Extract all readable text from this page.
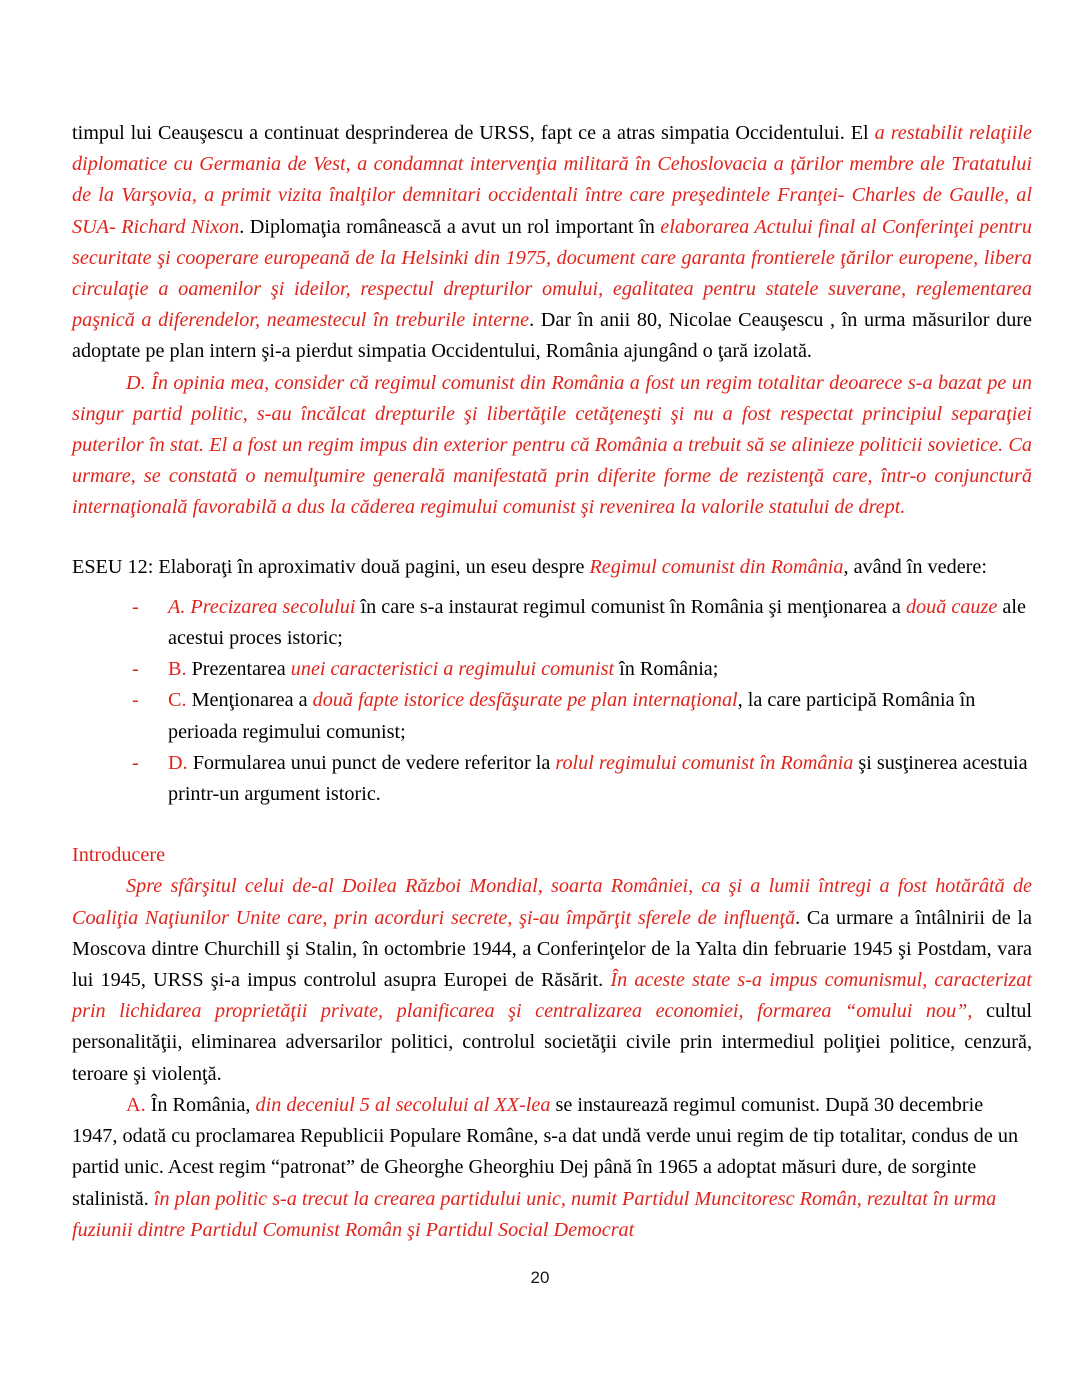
timpul lui Ceauşescu a continuat desprinderea de URSS, fapt ce a atras simpatia Occidentului. El a restabilit relaţiile diplomatice cu Germania de Vest, a condamnat intervenţia militară în Cehoslovacia a ţărilor membre ale Tratatului de la Varşovia, a primit vizita înalţilor demnitari occidentali între care preşedintele Franţei- Charles de Gaulle, al SUA- Richard Nixon. Diplomaţia românească a avut un rol important în elaborarea Actului final al Conferinţei pentru securitate şi cooperare europeană de la Helsinki din 1975, document care garanta frontierele ţărilor europene, libera circulaţie a oamenilor şi ideilor, respectul drepturilor omului, egalitatea pentru statele suverane, reglementarea paşnică a diferendelor, neamestecul în treburile interne. Dar în anii 80, Nicolae Ceauşescu , în urma măsurilor dure adoptate pe plan intern şi-a pierdut simpatia Occidentului, România ajungând o ţară izolată.

D. În opinia mea, consider că regimul comunist din România a fost un regim totalitar deoarece s-a bazat pe un singur partid politic, s-au încălcat drepturile şi libertăţile cetăţeneşti şi nu a fost respectat principiul separaţiei puterilor în stat. El a fost un regim impus din exterior pentru că România a trebuit să se alinieze politicii sovietice. Ca urmare, se constată o nemulţumire generală manifestată prin diferite forme de rezistenţă care, într-o conjunctură internaţională favorabilă a dus la căderea regimului comunist şi revenirea la valorile statului de drept.

ESEU 12: Elaboraţi în aproximativ două pagini, un eseu despre Regimul comunist din România, având în vedere:

- A. Precizarea secolului în care s-a instaurat regimul comunist în România şi menţionarea a două cauze ale acestui proces istoric;
- B. Prezentarea unei caracteristici a regimului comunist în România;
- C. Menţionarea a două fapte istorice desfăşurate pe plan internaţional, la care participă România în perioada regimului comunist;
- D. Formularea unui punct de vedere referitor la rolul regimului comunist în România şi susţinerea acestuia printr-un argument istoric.

Introducere

Spre sfârşitul celui de-al Doilea Război Mondial, soarta României, ca şi a lumii întregi a fost hotărâtă de Coaliţia Naţiunilor Unite care, prin acorduri secrete, şi-au împărţit sferele de influenţă. Ca urmare a întâlnirii de la Moscova dintre Churchill şi Stalin, în octombrie 1944, a Conferinţelor de la Yalta din februarie 1945 şi Postdam, vara lui 1945, URSS şi-a impus controlul asupra Europei de Răsărit. În aceste state s-a impus comunismul, caracterizat prin lichidarea proprietăţii private, planificarea şi centralizarea economiei, formarea “omului nou”, cultul personalităţii, eliminarea adversarilor politici, controlul societăţii civile prin intermediul poliţiei politice, cenzură, teroare şi violenţă.

A. În România, din deceniul 5 al secolului al XX-lea se instaurează regimul comunist. După 30 decembrie 1947, odată cu proclamarea Republicii Populare Române, s-a dat undă verde unui regim de tip totalitar, condus de un partid unic. Acest regim “patronat” de Gheorghe Gheorghiu Dej până în 1965 a adoptat măsuri dure, de sorginte stalinistă. în plan politic s-a trecut la crearea partidului unic, numit Partidul Muncitoresc Român, rezultat în urma fuziunii dintre Partidul Comunist Român şi Partidul Social Democrat

20
